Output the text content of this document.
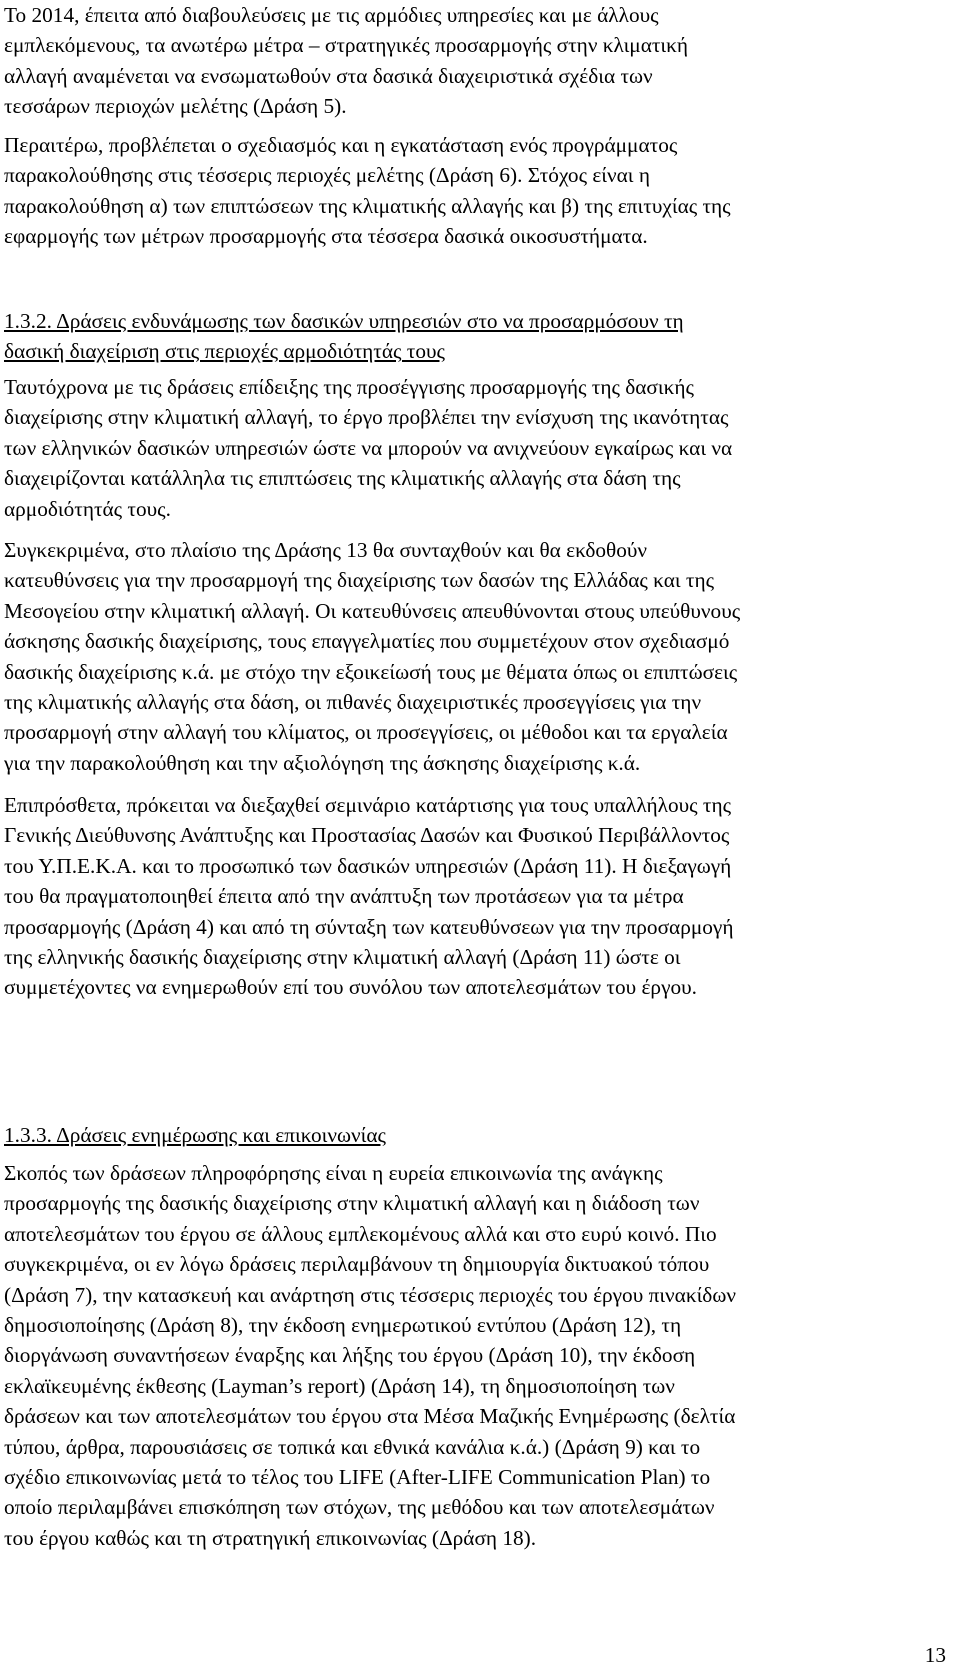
Το 2014, έπειτα από διαβουλεύσεις με τις αρμόδιες υπηρεσίες και με άλλους
εμπλεκόμενους, τα ανωτέρω μέτρα – στρατηγικές προσαρμογής στην κλιματική
αλλαγή αναμένεται να ενσωματωθούν στα δασικά διαχειριστικά σχέδια των
τεσσάρων περιοχών μελέτης (Δράση 5).

Περαιτέρω, προβλέπεται ο σχεδιασμός και η εγκατάσταση ενός προγράμματος
παρακολούθησης στις τέσσερις περιοχές μελέτης (Δράση 6). Στόχος είναι η
παρακολούθηση α) των επιπτώσεων της κλιματικής αλλαγής και β) της επιτυχίας της
εφαρμογής των μέτρων προσαρμογής στα τέσσερα δασικά οικοσυστήματα.

1.3.2. Δράσεις ενδυνάμωσης των δασικών υπηρεσιών στο να προσαρμόσουν τη
δασική διαχείριση στις περιοχές αρμοδιότητάς τους

Ταυτόχρονα με τις δράσεις επίδειξης της προσέγγισης προσαρμογής της δασικής
διαχείρισης στην κλιματική αλλαγή, το έργο προβλέπει την ενίσχυση της ικανότητας
των ελληνικών δασικών υπηρεσιών ώστε να μπορούν να ανιχνεύουν εγκαίρως και να
διαχειρίζονται κατάλληλα τις επιπτώσεις της κλιματικής αλλαγής στα δάση της
αρμοδιότητάς τους.

Συγκεκριμένα, στο πλαίσιο της Δράσης 13 θα συνταχθούν και θα εκδοθούν
κατευθύνσεις για την προσαρμογή της διαχείρισης των δασών της Ελλάδας και της
Μεσογείου στην κλιματική αλλαγή. Οι κατευθύνσεις απευθύνονται στους υπεύθυνους
άσκησης δασικής διαχείρισης, τους επαγγελματίες που συμμετέχουν στον σχεδιασμό
δασικής διαχείρισης κ.ά. με στόχο την εξοικείωσή τους με θέματα όπως οι επιπτώσεις
της κλιματικής αλλαγής στα δάση, οι πιθανές διαχειριστικές προσεγγίσεις για την
προσαρμογή στην αλλαγή του κλίματος, οι προσεγγίσεις, οι μέθοδοι και τα εργαλεία
για την παρακολούθηση και την αξιολόγηση της άσκησης διαχείρισης κ.ά.

Επιπρόσθετα, πρόκειται να διεξαχθεί σεμινάριο κατάρτισης για τους υπαλλήλους της
Γενικής Διεύθυνσης Ανάπτυξης και Προστασίας Δασών και Φυσικού Περιβάλλοντος
του Υ.Π.Ε.Κ.Α. και το προσωπικό των δασικών υπηρεσιών (Δράση 11). Η διεξαγωγή
του θα πραγματοποιηθεί έπειτα από την ανάπτυξη των προτάσεων για τα μέτρα
προσαρμογής (Δράση 4) και από τη σύνταξη των κατευθύνσεων για την προσαρμογή
της ελληνικής δασικής διαχείρισης στην κλιματική αλλαγή (Δράση 11) ώστε οι
συμμετέχοντες να ενημερωθούν επί του συνόλου των αποτελεσμάτων του έργου.

1.3.3. Δράσεις ενημέρωσης και επικοινωνίας

Σκοπός των δράσεων πληροφόρησης είναι η ευρεία επικοινωνία της ανάγκης
προσαρμογής της δασικής διαχείρισης στην κλιματική αλλαγή και η διάδοση των
αποτελεσμάτων του έργου σε άλλους εμπλεκομένους αλλά και στο ευρύ κοινό. Πιο
συγκεκριμένα, οι εν λόγω δράσεις περιλαμβάνουν τη δημιουργία δικτυακού τόπου
(Δράση 7), την κατασκευή και ανάρτηση στις τέσσερις περιοχές του έργου πινακίδων
δημοσιοποίησης (Δράση 8), την έκδοση ενημερωτικού εντύπου (Δράση 12), τη
διοργάνωση συναντήσεων έναρξης και λήξης του έργου (Δράση 10), την έκδοση
εκλαϊκευμένης έκθεσης (Layman’s report) (Δράση 14), τη δημοσιοποίηση των
δράσεων και των αποτελεσμάτων του έργου στα Μέσα Μαζικής Ενημέρωσης (δελτία
τύπου, άρθρα, παρουσιάσεις σε τοπικά και εθνικά κανάλια κ.ά.) (Δράση 9) και το
σχέδιο επικοινωνίας μετά το τέλος του LIFE (After-LIFE Communication Plan) το
οποίο περιλαμβάνει επισκόπηση των στόχων, της μεθόδου και των αποτελεσμάτων
του έργου καθώς και τη στρατηγική επικοινωνίας (Δράση 18).

13
